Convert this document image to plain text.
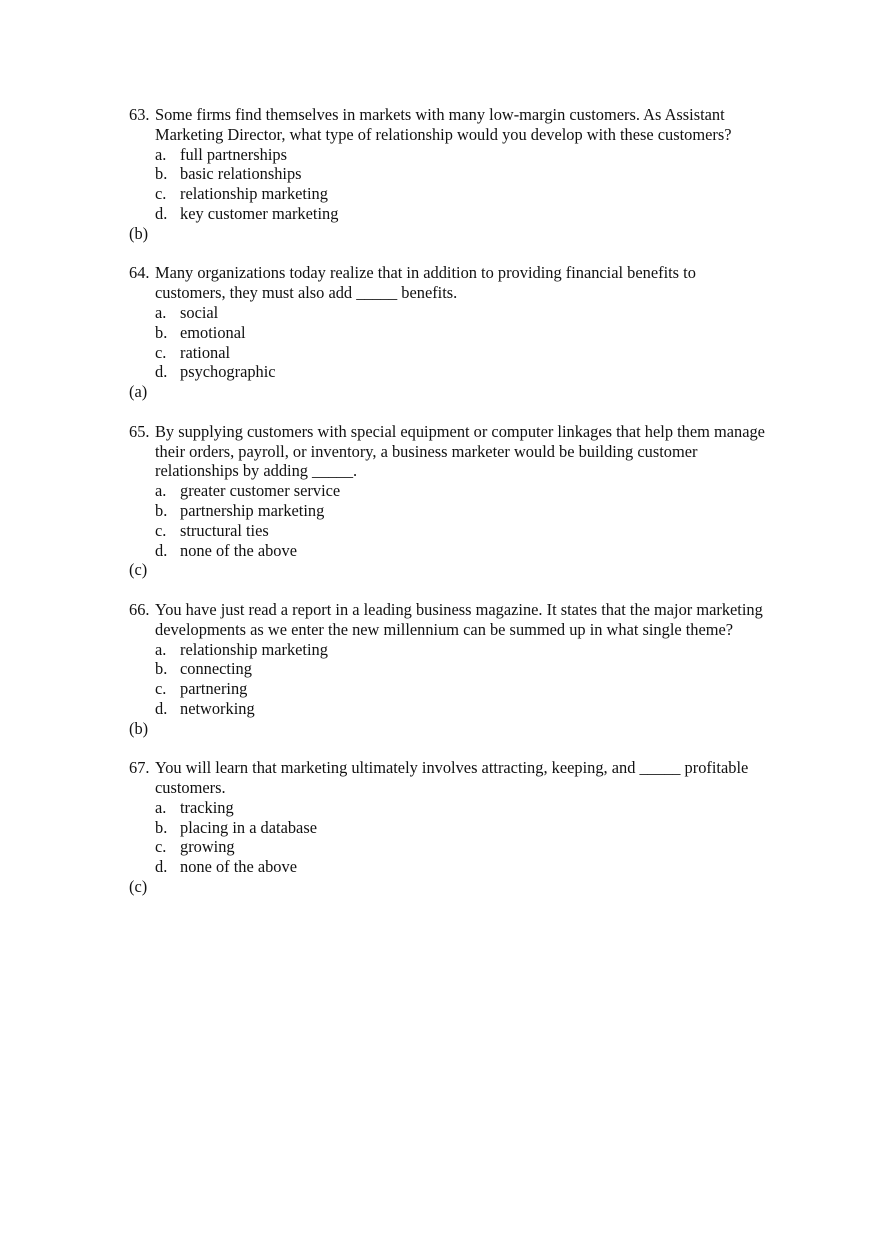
63. Some firms find themselves in markets with many low-margin customers. As Assistant Marketing Director, what type of relationship would you develop with these customers?
a. full partnerships
b. basic relationships
c. relationship marketing
d. key customer marketing
(b)
64. Many organizations today realize that in addition to providing financial benefits to customers, they must also add _____ benefits.
a. social
b. emotional
c. rational
d. psychographic
(a)
65. By supplying customers with special equipment or computer linkages that help them manage their orders, payroll, or inventory, a business marketer would be building customer relationships by adding _____.
a. greater customer service
b. partnership marketing
c. structural ties
d. none of the above
(c)
66. You have just read a report in a leading business magazine. It states that the major marketing developments as we enter the new millennium can be summed up in what single theme?
a. relationship marketing
b. connecting
c. partnering
d. networking
(b)
67. You will learn that marketing ultimately involves attracting, keeping, and _____ profitable customers.
a. tracking
b. placing in a database
c. growing
d. none of the above
(c)
